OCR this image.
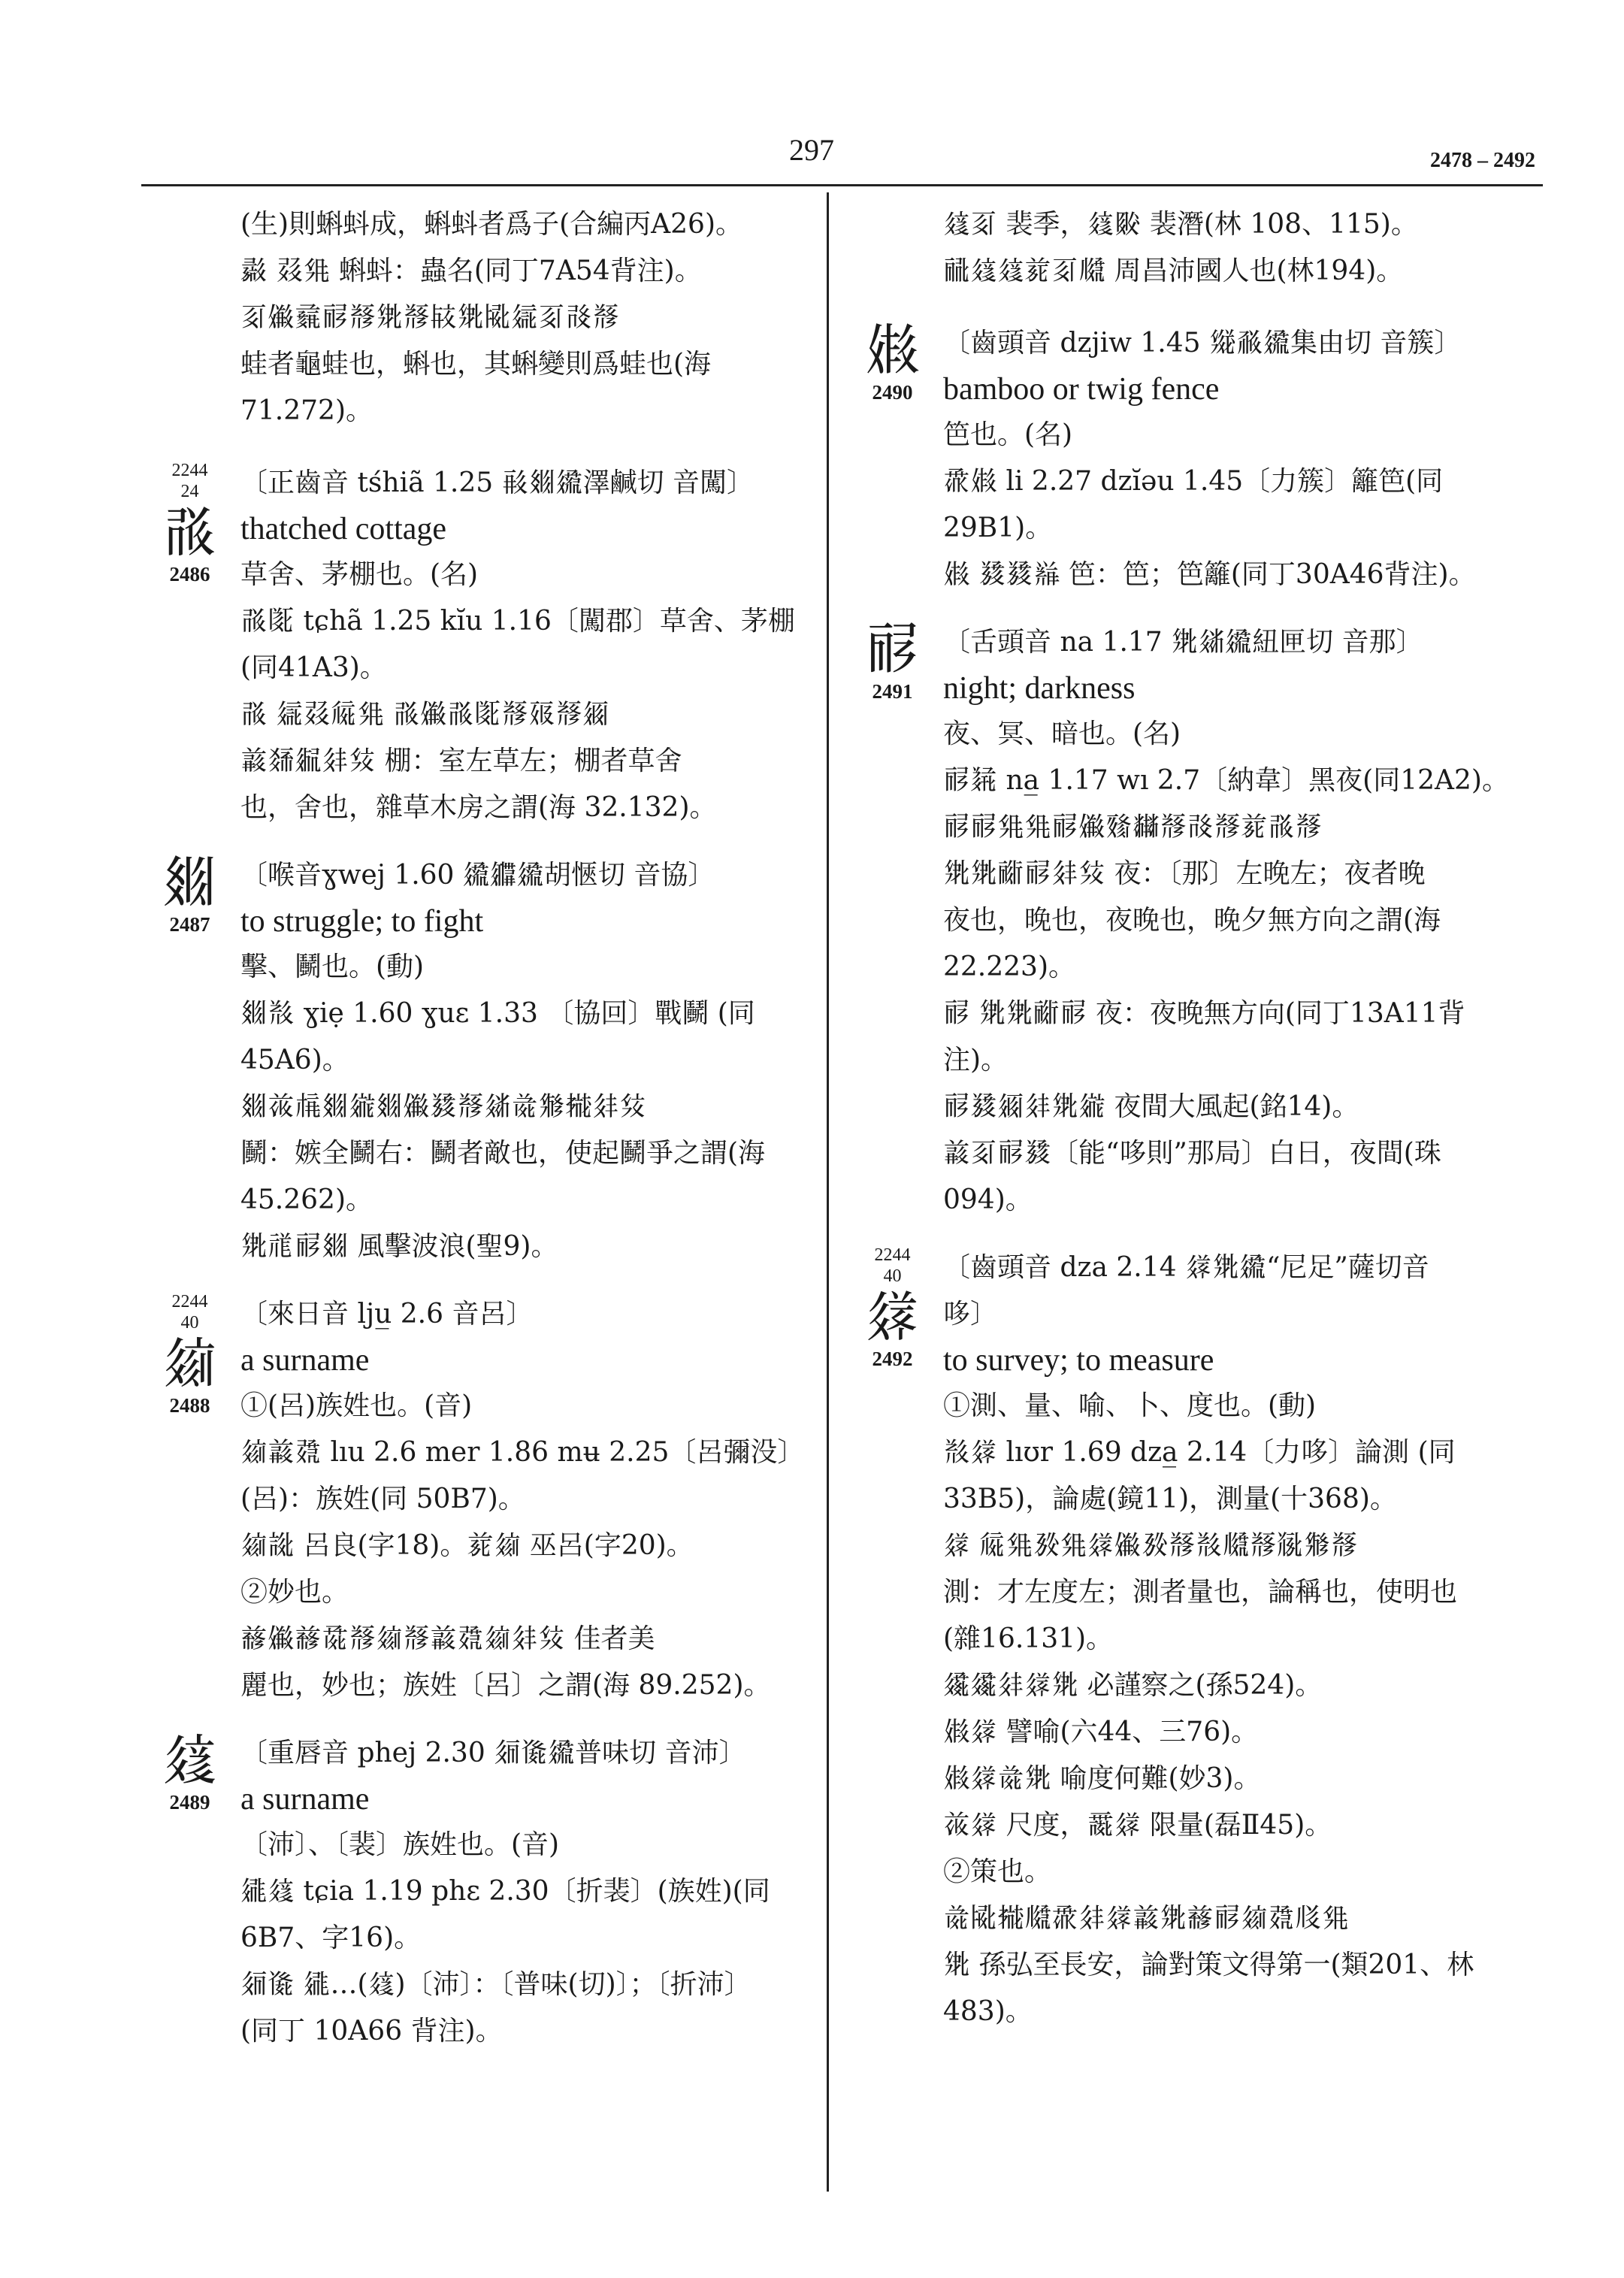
297	2478 – 2492
(生)則蝌蚪成，蝌蚪者爲子(合編丙A26)。
𘝶 𘄴𗊀 蝌蚪：蟲名(同丁7A54背注)。
𘈩𗏹𗈞𗟲𘃡𗊢𘃡𗢀𗊢𗎫𗦇𘈩𗰗𘃡
蛙者龜蛙也，蝌也，其蝌變則爲蛙也(海
71.272)。
2244
24
𗰛
2486
〔正齒音 tśhiã 1.25 𗷰𗾞𗫔澤鹹切 音闖〕
thatched cottage
草舍、茅棚也。(名)
𗰛𗁷 tɕhã 1.25 kĭu 1.16〔闖郡〕草舍、茅棚
(同41A3)。
𗰛 𗦇𘄴𗏁𗊀 𗰛𗏹𗰛𗁷𘃡𗡞𘃡𗥃
𗓁𘀄𗥑𗢳𗊏 棚：室左草左；棚者草舍
也，舍也，雜草木房之謂(海 32.132)。
𗾞
2487
〔喉音ɣwej 1.60 𗫔𗫗𗫔胡愜切 音協〕
to struggle; to fight
擊、鬭也。(動)
𗾞𘃞 ɣiẹ 1.60 ɣuɛ 1.33 〔協回〕戰鬭 (同
45A6)。
𗾞𗐲𗍫𗾞𗨁𗾞𗏹𗯿𘃡𗣫𗯨𗊬𗈶𗢳𗊏
鬭：嫉全鬭右：鬭者敵也，使起鬭爭之謂(海
45.262)。
𗊢𗙏𗟲𗾞 風擊波浪(聖9)。
2244
40
𗦻
2488
〔來日音 lju̲ 2.6 音呂〕
a surname
①(呂)族姓也。(音)
𗦻𗓁𘅣 lıu 2.6 mer 1.86 mʉ 2.25〔呂彌没〕
(呂)：族姓(同 50B7)。
𗦻𘀍 呂良(字18)。𗐱𗦻 巫呂(字20)。
②妙也。
𗒘𗏹𗒘𗱕𘃡𗦻𘃡𗓁𘅣𗦻𗢳𗊏 佳者美
麗也，妙也；族姓〔呂〕之謂(海 89.252)。
𗦼
2489
〔重唇音 phej 2.30 𗢷𗕂𗫔普味切 音沛〕
a surname
〔沛〕、〔裴〕族姓也。(音)
𗧓𗦼 tɕia 1.19 phɛ 2.30〔折裴〕(族姓)(同
6B7、字16)。
𗢷𗕂 𗧓…(𗦼)〔沛〕：〔普味(切)〕；〔折沛〕
(同丁 10A66 背注)。
𗦼𘈩 裴季，𗦼𘉑 裴潛(林 108、115)。
𗟻𗦼𗦼𗐱𘈩𗆮 周昌沛國人也(林194)。
𗏡
2490
〔齒頭音 dzjiw 1.45 𗋸𗳆𗫔集由切 音簇〕
bamboo or twig fence
笆也。(名)
𘆏𗏡 li 2.27 dzĭəu 1.45〔力簇〕籬笆(同29B1)。
𗏡 𗯿𗯿𗕆 笆：笆；笆籬(同丁30A46背注)。
𗟲
2491
〔舌頭音 na 1.17 𗊢𗣫𗫔紐匣切 音那〕
night; darkness
夜、冥、暗也。(名)
𗟲𘐍 na̲ 1.17 wı 2.7〔納韋〕黑夜(同12A2)。
𗟲𗟲𗊀𗊀𗟲𗏹𗸮𘂧𘃡𗰗𘃡𗐱𗰛𘃡
𗊢𗊢𗠁𗟲𗢳𗊏 夜：〔那〕左晚左；夜者晚
夜也，晚也，夜晚也，晚夕無方向之謂(海
22.223)。
𗟲 𗊢𗊢𗠁𗟲 夜：夜晚無方向(同丁13A11背
注)。
𗟲𗯿𗥃𗢳𗊢𗨁 夜間大風起(銘14)。
𗓁𘈩𗟲𗯿〔能“哆則”那局〕白日，夜間(珠
094)。
2244
40
𗦽
2492
〔齒頭音 dza 2.14 𗦽𗊢𗫔“尼足”薩切音
哆〕
to survey; to measure
①測、量、喻、卜、度也。(動)
𘃞𗦽 lıʊr 1.69 dza̲ 2.14〔力哆〕論測 (同
33B5)，論處(鏡11)，測量(十368)。
𗦽 𗏁𗊀𗉔𗊀𗦽𗏹𗉔𘃡𘃞𗆮𘃡𗮀𗊬𘃡
測：才左度左；測者量也，論稱也，使明也
(雜16.131)。
𗪱𗪱𗢳𗦽𗊢 必謹察之(孫524)。
𗏡𗦽 譬喻(六44、三76)。
𗏡𗦽𗯨𗊢 喻度何難(妙3)。
𗐲𗦽 尺度，𗵘𗦽 限量(磊Ⅱ45)。
②策也。
𗯨𗎫𗈶𗆮𘆏𗢳𗦽𗓁𗊢𗒘𗟲𗦻𘅣𗄴𗊀
𗊢 孫弘至長安，論對策文得第一(類201、林
483)。
